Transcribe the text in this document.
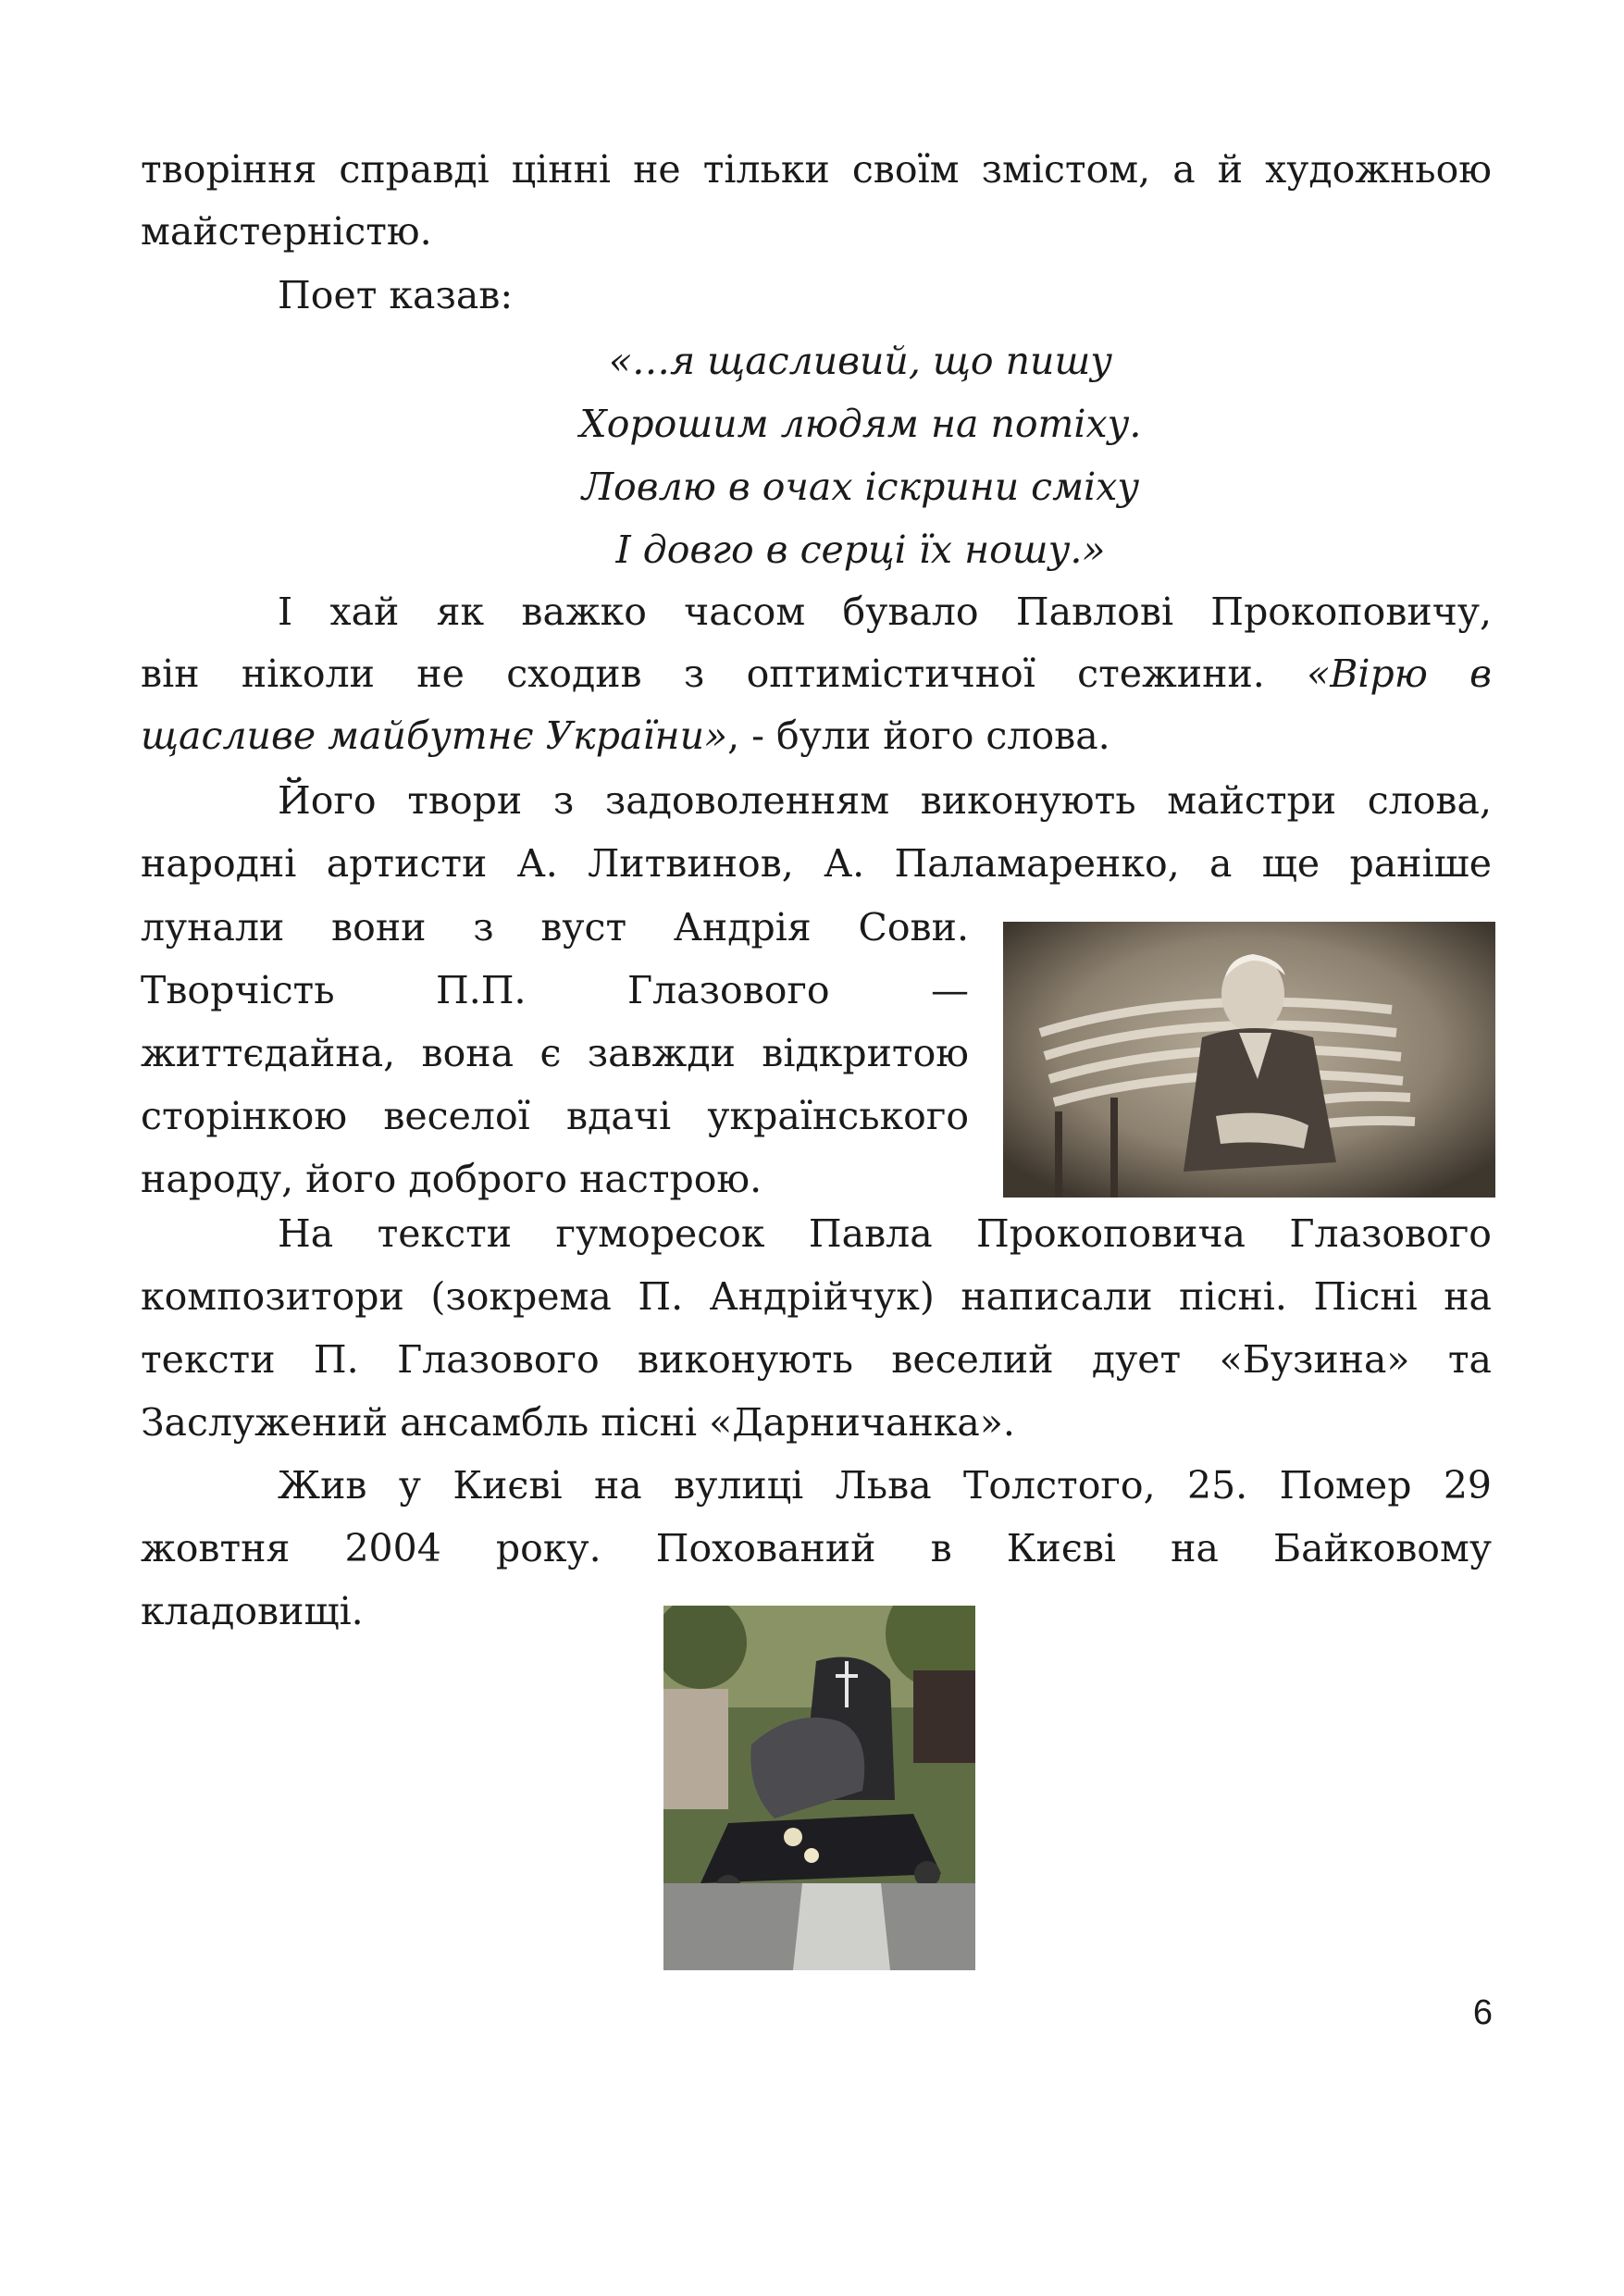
творіння справді цінні не тільки своїм змістом, а й художньою

майстерністю.

Поет казав:

«…я щасливий, що пишу
Хорошим людям на потіху.
Ловлю в очах іскрини сміху
І довго в серці їх ношу.»

І хай як важко часом бувало Павлові Прокоповичу,

він ніколи не сходив з оптимістичної стежини. «Вірю в

щасливе майбутнє України», - були його слова.

Його твори з задоволенням виконують майстри слова,

народні артисти А. Литвинов, А. Паламаренко, а ще раніше

лунали вони з вуст Андрія Сови.
Творчість П.П. Глазового —
життєдайна, вона є завжди відкритою
сторінкою веселої вдачі українського
народу, його доброго настрою.

На тексти гуморесок Павла Прокоповича Глазового

композитори (зокрема П. Андрійчук) написали пісні. Пісні на

тексти П. Глазового виконують веселий дует «Бузина» та

Заслужений ансамбль пісні «Дарничанка».

Жив у Києві на вулиці Льва Толстого, 25. Помер 29

жовтня 2004 року. Похований в Києві на Байковому

кладовищі.

6
